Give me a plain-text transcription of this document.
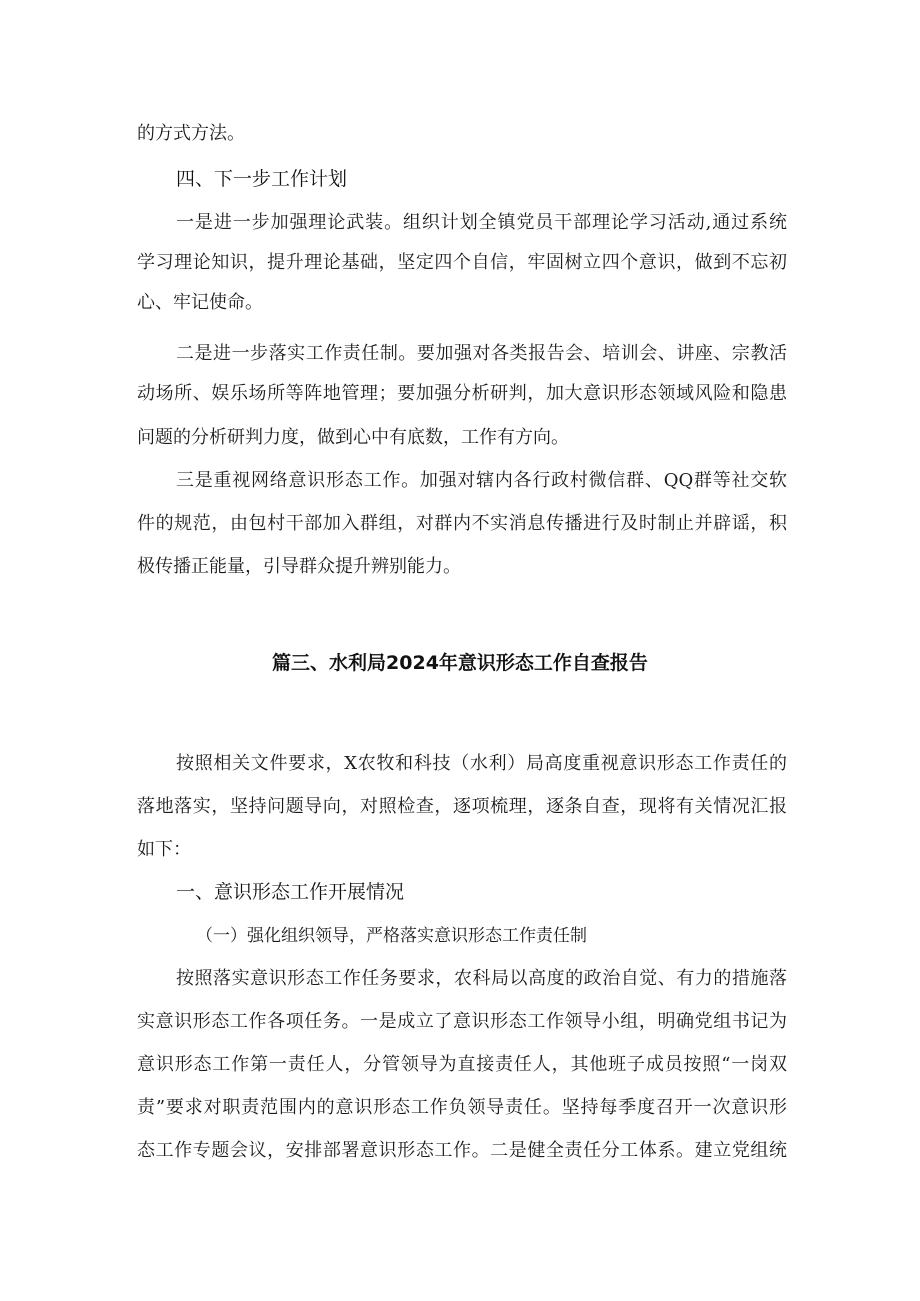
的方式方法。
四、下一步工作计划
一是进一步加强理论武装。组织计划全镇党员干部理论学习活动,通过系统
学习理论知识，提升理论基础，坚定四个自信，牢固树立四个意识，做到不忘初
心、牢记使命。
二是进一步落实工作责任制。要加强对各类报告会、培训会、讲座、宗教活
动场所、娱乐场所等阵地管理；要加强分析研判，加大意识形态领域风险和隐患
问题的分析研判力度，做到心中有底数，工作有方向。
三是重视网络意识形态工作。加强对辖内各行政村微信群、QQ群等社交软
件的规范，由包村干部加入群组，对群内不实消息传播进行及时制止并辟谣，积
极传播正能量，引导群众提升辨别能力。
篇三、水利局2024年意识形态工作自查报告
按照相关文件要求，X农牧和科技（水利）局高度重视意识形态工作责任的
落地落实，坚持问题导向，对照检查，逐项梳理，逐条自查，现将有关情况汇报
如下：
一、意识形态工作开展情况
（一）强化组织领导，严格落实意识形态工作责任制
按照落实意识形态工作任务要求，农科局以高度的政治自觉、有力的措施落
实意识形态工作各项任务。一是成立了意识形态工作领导小组，明确党组书记为
意识形态工作第一责任人，分管领导为直接责任人，其他班子成员按照“一岗双
责”要求对职责范围内的意识形态工作负领导责任。坚持每季度召开一次意识形
态工作专题会议，安排部署意识形态工作。二是健全责任分工体系。建立党组统
